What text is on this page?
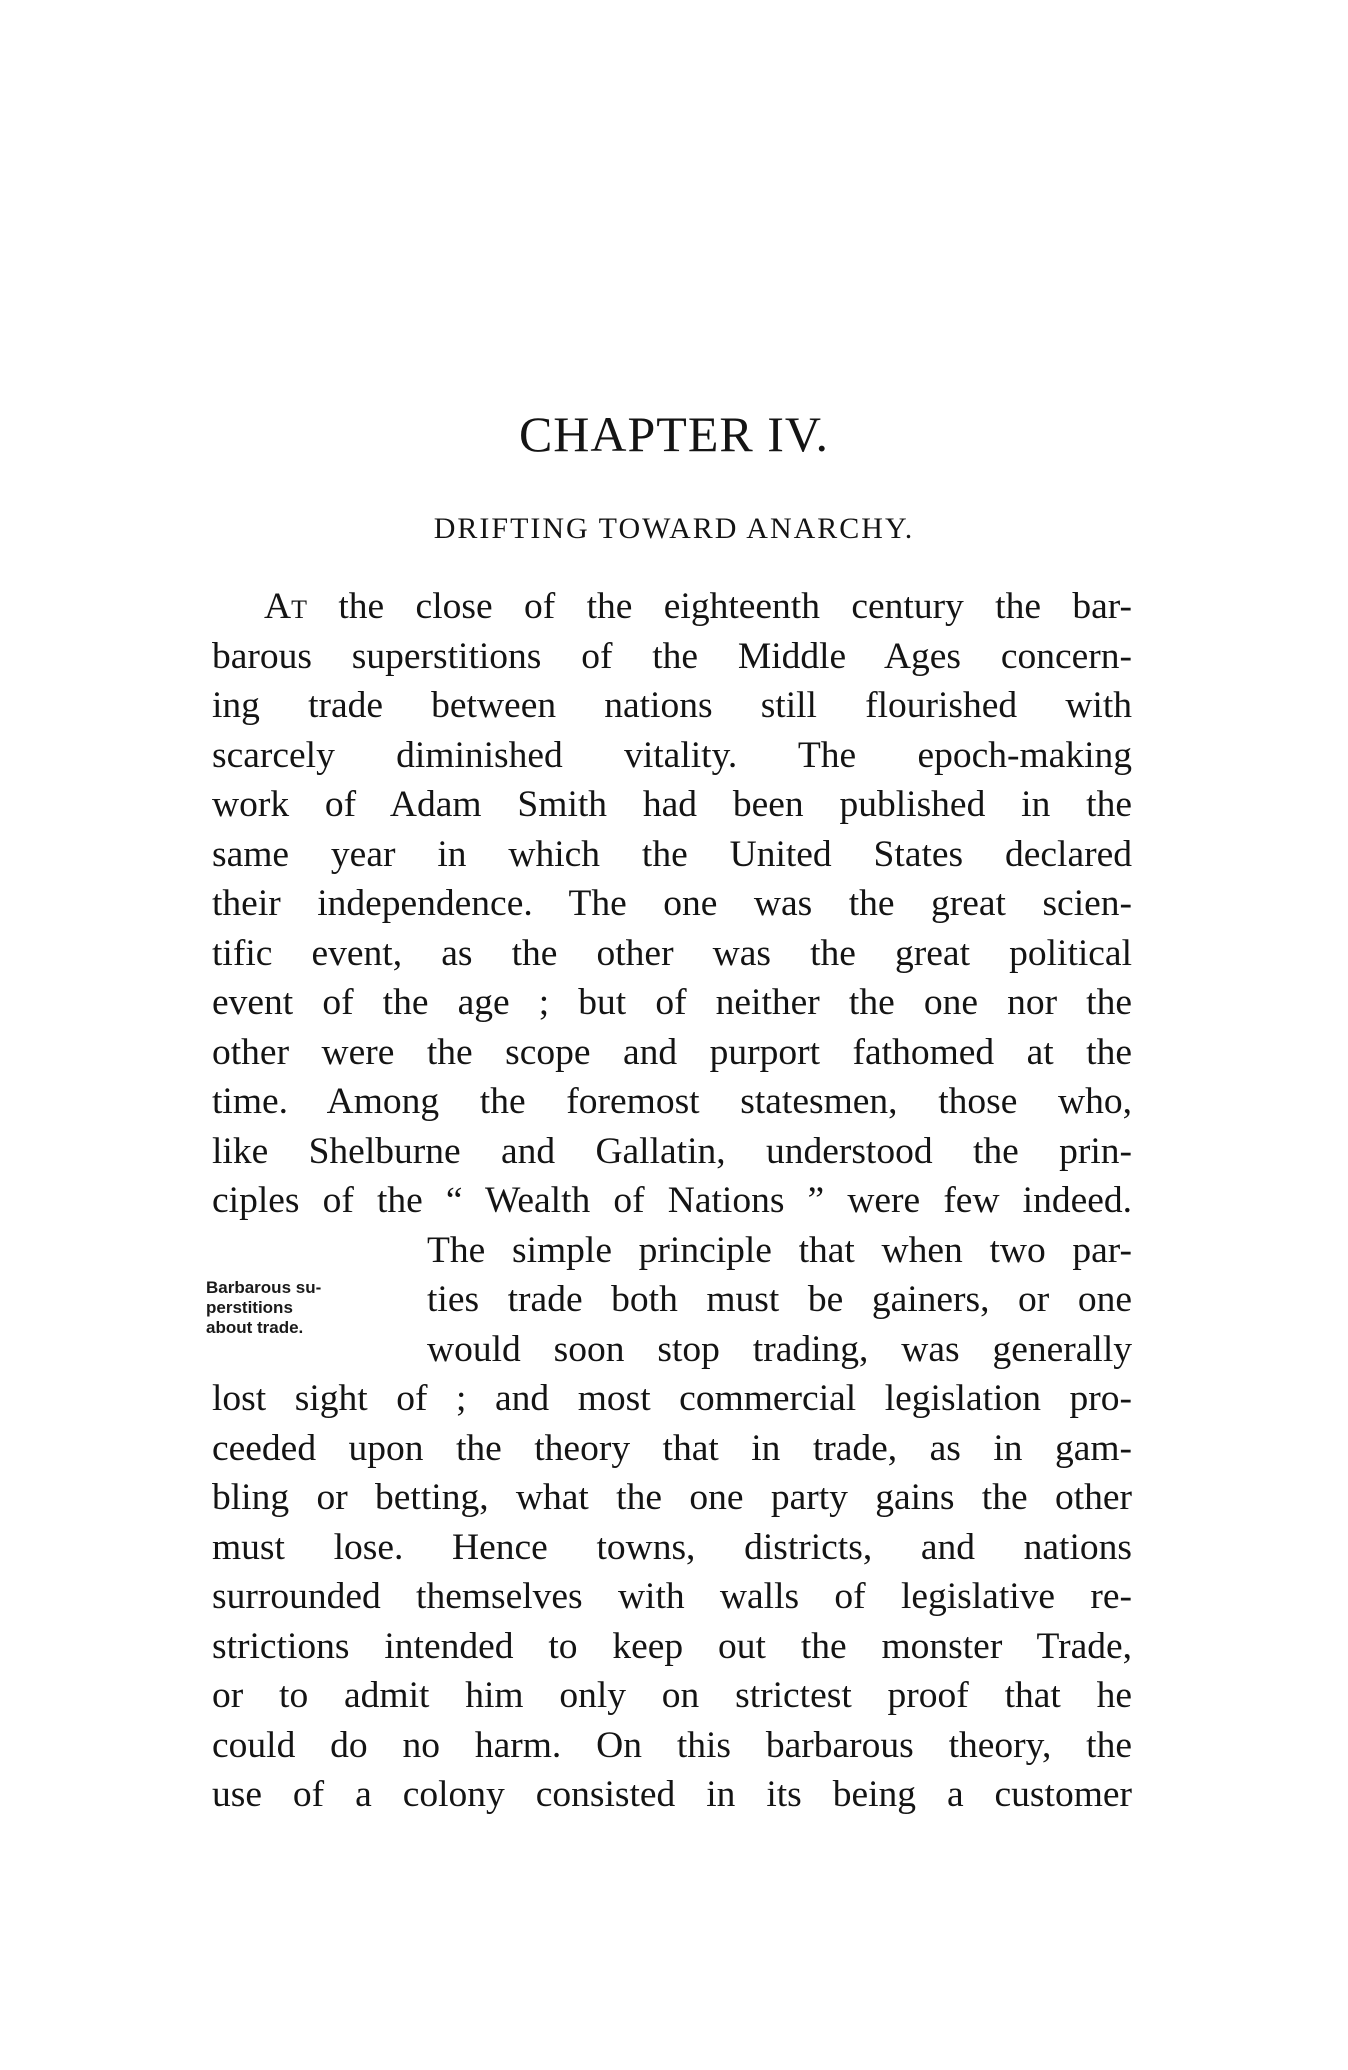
CHAPTER IV.
DRIFTING TOWARD ANARCHY.
At the close of the eighteenth century the bar-
barous superstitions of the Middle Ages concern-
ing trade between nations still flourished with
scarcely diminished vitality. The epoch-making
work of Adam Smith had been published in the
same year in which the United States declared
their independence. The one was the great scien-
tific event, as the other was the great political
event of the age ; but of neither the one nor the
other were the scope and purport fathomed at the
time. Among the foremost statesmen, those who,
like Shelburne and Gallatin, understood the prin-
ciples of the “ Wealth of Nations ” were few indeed.
The simple principle that when two par-
ties trade both must be gainers, or one
would soon stop trading, was generally
lost sight of ; and most commercial legislation pro-
ceeded upon the theory that in trade, as in gam-
bling or betting, what the one party gains the other
must lose. Hence towns, districts, and nations
surrounded themselves with walls of legislative re-
strictions intended to keep out the monster Trade,
or to admit him only on strictest proof that he
could do no harm. On this barbarous theory, the
use of a colony consisted in its being a customer
Barbarous su-
perstitions
about trade.
